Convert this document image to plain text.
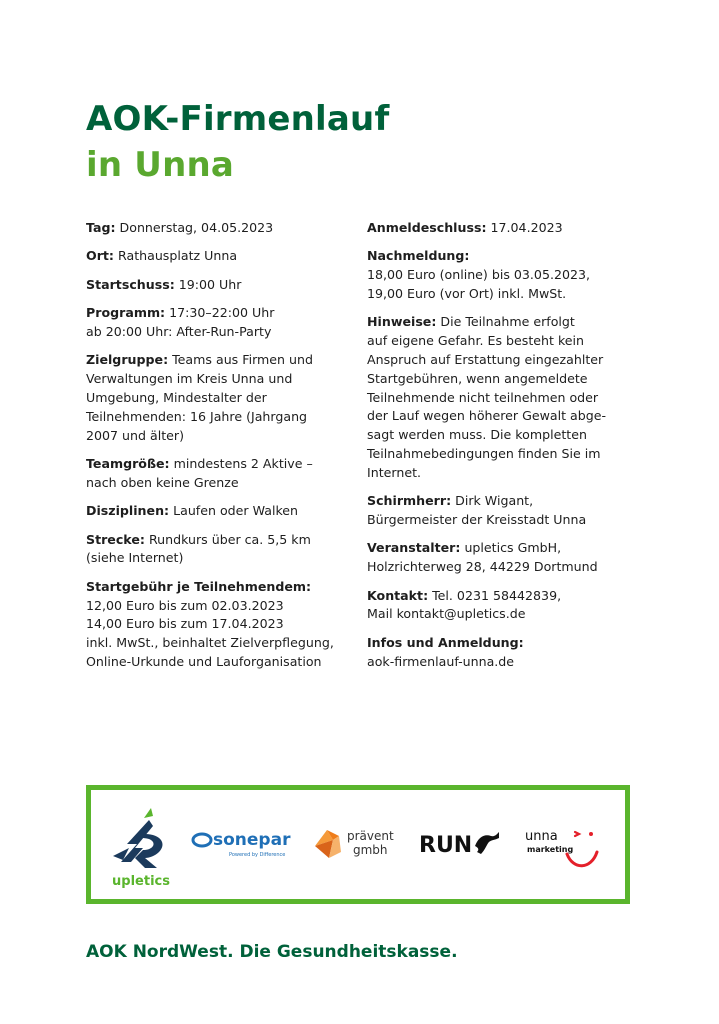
AOK-Firmenlauf
in Unna

Tag: Donnerstag, 04.05.2023

Ort: Rathausplatz Unna

Startschuss: 19:00 Uhr

Programm: 17:30–22:00 Uhr
ab 20:00 Uhr: After-Run-Party

Zielgruppe: Teams aus Firmen und
Verwaltungen im Kreis Unna und
Umgebung, Mindestalter der
Teilnehmenden: 16 Jahre (Jahrgang
2007 und älter)

Teamgröße: mindestens 2 Aktive –
nach oben keine Grenze

Disziplinen: Laufen oder Walken

Strecke: Rundkurs über ca. 5,5 km
(siehe Internet)

Startgebühr je Teilnehmendem:
12,00 Euro bis zum 02.03.2023
14,00 Euro bis zum 17.04.2023
inkl. MwSt., beinhaltet Zielverpflegung,
Online-Urkunde und Lauforganisation

Anmeldeschluss: 17.04.2023

Nachmeldung:
18,00 Euro (online) bis 03.05.2023,
19,00 Euro (vor Ort) inkl. MwSt.

Hinweise: Die Teilnahme erfolgt
auf eigene Gefahr. Es besteht kein
Anspruch auf Erstattung eingezahlter
Startgebühren, wenn angemeldete
Teilnehmende nicht teilnehmen oder
der Lauf wegen höherer Gewalt abge-
sagt werden muss. Die kompletten
Teilnahmebedingungen finden Sie im
Internet.

Schirmherr: Dirk Wigant,
Bürgermeister der Kreisstadt Unna

Veranstalter: upletics GmbH,
Holzrichterweg 28, 44229 Dortmund

Kontakt: Tel. 0231 58442839,
Mail kontakt@upletics.de

Infos und Anmeldung:
aok-firmenlauf-unna.de

upletics
sonepar
Powered by Difference
prävent
gmbh RUN	unna
marketing

AOK NordWest. Die Gesundheitskasse.
